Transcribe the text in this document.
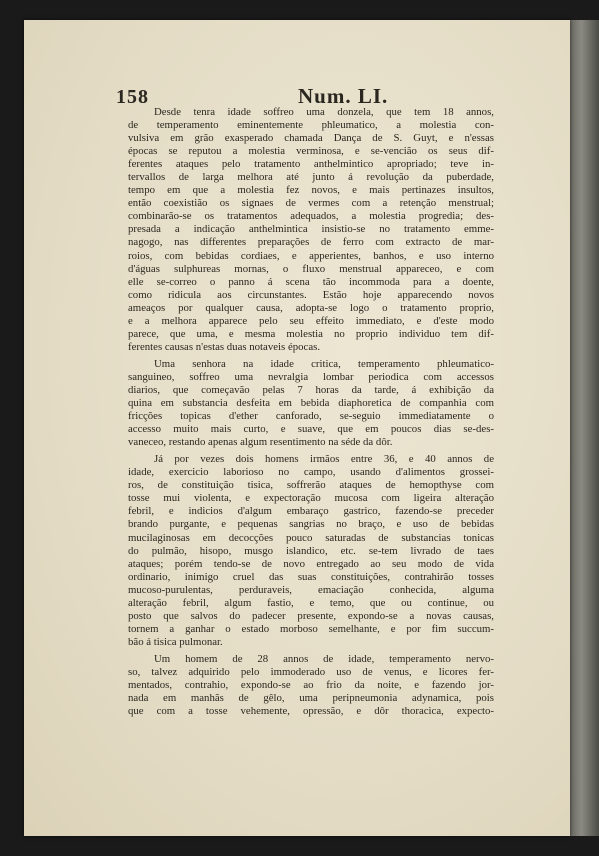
158	Num. LI.
Desde tenra idade soffreo uma donzela, que tem 18 annos,
de temperamento eminentemente phleumatico, a molestia con-
vulsiva em grão exasperado chamada Dança de S. Guyt, e n'essas
épocas se reputou a molestia verminosa, e se-vencião os seus dif-
ferentes ataques pelo tratamento anthelmintico apropriado; teve in-
tervallos de larga melhora até junto á revolução da puberdade,
tempo em que a molestia fez novos, e mais pertinazes insultos,
então coexistião os signaes de vermes com a retenção menstrual;
combinarão-se os tratamentos adequados, a molestia progredia; des-
presada a indicação anthelmintica insistio-se no tratamento emme-
nagogo, nas differentes preparações de ferro com extracto de mar-
roios, com bebidas cordiaes, e apperientes, banhos, e uso interno
d'águas sulphureas mornas, o fluxo menstrual appareceo, e com
elle se-correo o panno á scena tão incommoda para a doente,
como ridicula aos circunstantes. Estão hoje apparecendo novos
ameaços por qualquer causa, adopta-se logo o tratamento proprio,
e a melhora apparece pelo seu effeito immediato, e d'este modo
parece, que uma, e mesma molestia no proprio individuo tem dif-
ferentes causas n'estas duas notaveis épocas.
Uma senhora na idade critica, temperamento phleumatico-
sanguineo, soffreo uma nevralgia lombar periodica com accessos
diarios, que começavão pelas 7 horas da tarde, á exhibição da
quina em substancia desfeita em bebida diaphoretica de companhia com
fricções topicas d'ether canforado, se-seguio immediatamente o
accesso muito mais curto, e suave, que em poucos dias se-des-
vaneceo, restando apenas algum resentimento na séde da dôr.
Já por vezes dois homens irmãos entre 36, e 40 annos de
idade, exercicio laborioso no campo, usando d'alimentos grossei-
ros, de constituição tisica, soffrerão ataques de hemopthyse com
tosse mui violenta, e expectoração mucosa com ligeira alteração
febril, e indicios d'algum embaraço gastrico, fazendo-se preceder
brando purgante, e pequenas sangrias no braço, e uso de bebidas
mucilaginosas em decocções pouco saturadas de substancias tonicas
do pulmão, hisopo, musgo islandico, etc. se-tem livrado de taes
ataques; porém tendo-se de novo entregado ao seu modo de vida
ordinario, inimigo cruel das suas constituições, contrahirão tosses
mucoso-purulentas, perduraveis, emaciação conhecida, alguma
alteração febril, algum fastio, e temo, que ou continue, ou
posto que salvos do padecer presente, expondo-se a novas causas,
tornem a ganhar o estado morboso semelhante, e por fim succum-
bão á tisica pulmonar.
Um homem de 28 annos de idade, temperamento nervo-
so, talvez adquirido pelo immoderado uso de venus, e licores fer-
mentados, contrahio, expondo-se ao frio da noite, e fazendo jor-
nada em manhãs de gêlo, uma peripneumonia adynamica, pois
que com a tosse vehemente, opressão, e dôr thoracica, expecto-
